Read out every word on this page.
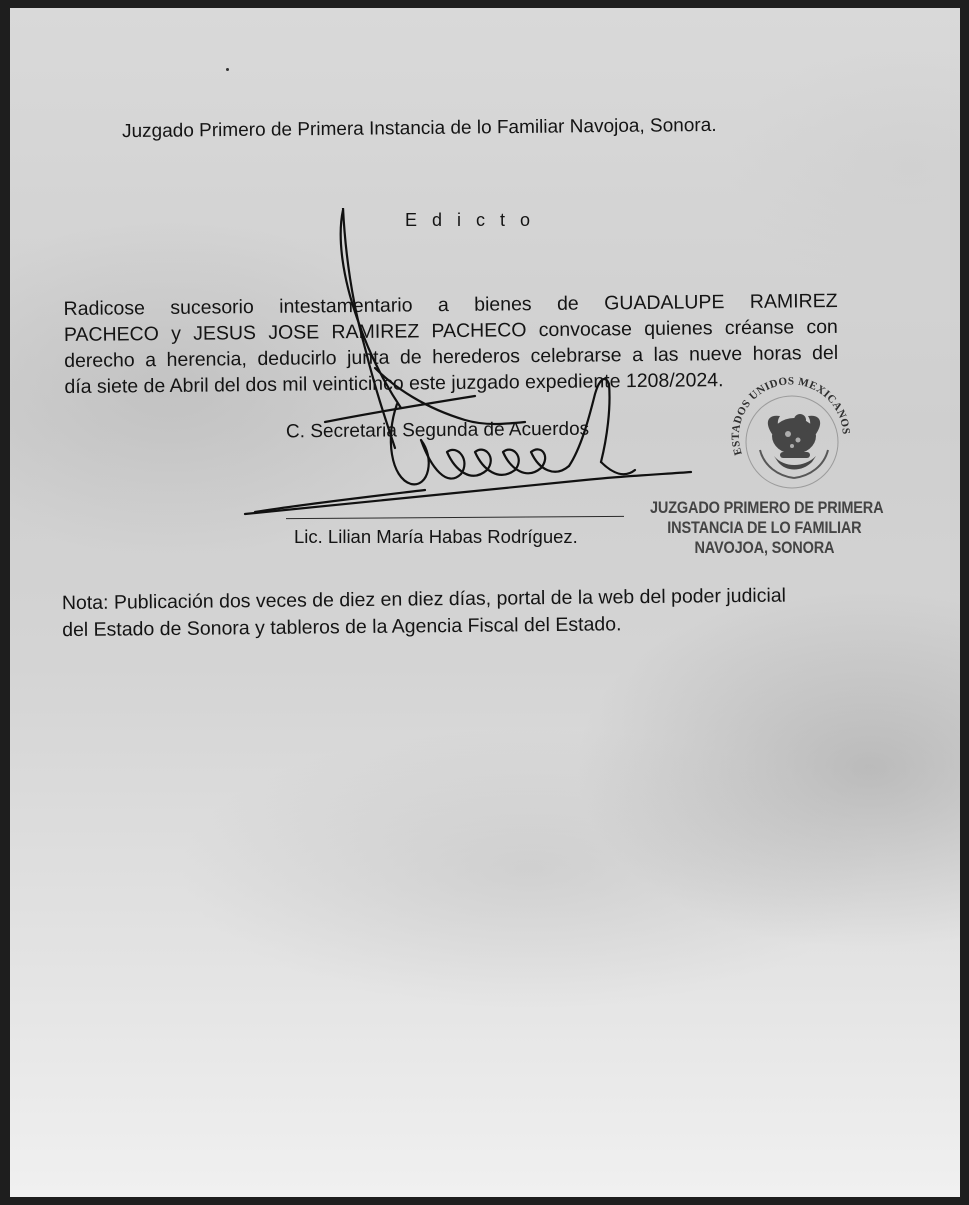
Juzgado Primero de Primera Instancia de lo Familiar Navojoa, Sonora.

E d i c t o

Radicose sucesorio intestamentario a bienes de GUADALUPE RAMIREZ
PACHECO y JESUS JOSE RAMIREZ PACHECO convocase quienes créanse con
derecho a herencia, deducirlo junta de herederos celebrarse a las nueve horas del
día siete de Abril del dos mil veinticinco este juzgado expediente 1208/2024.

C. Secretaria Segunda de Acuerdos

Lic. Lilian María Habas Rodríguez.

ESTADOS UNIDOS MEXICANOS
JUZGADO PRIMERO DE PRIMERA
INSTANCIA DE LO FAMILIAR
NAVOJOA, SONORA
Nota: Publicación dos veces de diez en diez días, portal de la web del poder judicial
del Estado de Sonora y tableros de la Agencia Fiscal del Estado.
